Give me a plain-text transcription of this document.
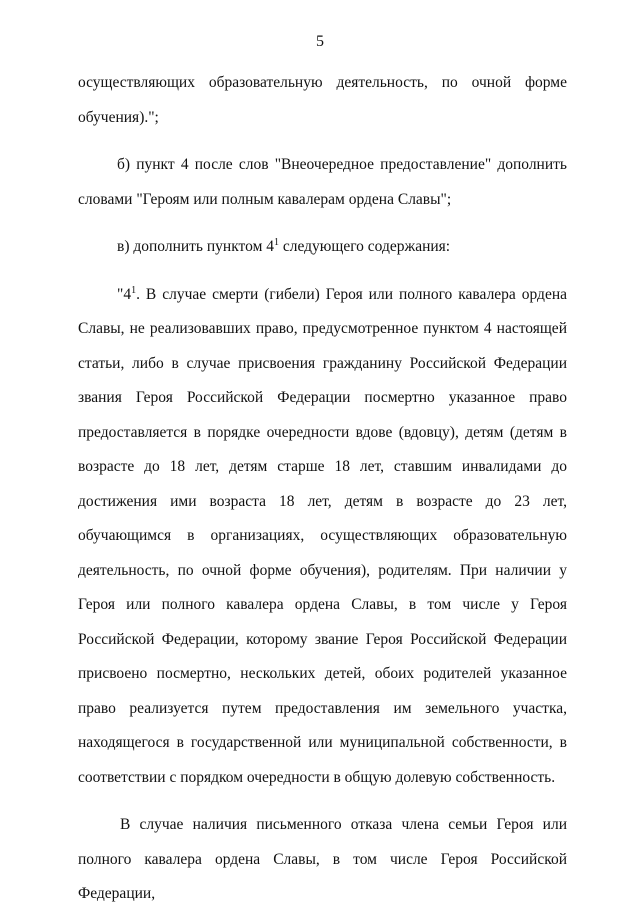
5

осуществляющих образовательную деятельность, по очной форме обучения).";

б) пункт 4 после слов "Внеочередное предоставление" дополнить словами "Героям или полным кавалерам ордена Славы";

в) дополнить пунктом $4^1$ следующего содержания:

"$4^1$. В случае смерти (гибели) Героя или полного кавалера ордена Славы, не реализовавших право, предусмотренное пунктом 4 настоящей статьи, либо в случае присвоения гражданину Российской Федерации звания Героя Российской Федерации посмертно указанное право предоставляется в порядке очередности вдове (вдовцу), детям (детям в возрасте до 18 лет, детям старше 18 лет, ставшим инвалидами до достижения ими возраста 18 лет, детям в возрасте до 23 лет, обучающимся в организациях, осуществляющих образовательную деятельность, по очной форме обучения), родителям. При наличии у Героя или полного кавалера ордена Славы, в том числе у Героя Российской Федерации, которому звание Героя Российской Федерации присвоено посмертно, нескольких детей, обоих родителей указанное право реализуется путем предоставления им земельного участка, находящегося в государственной или муниципальной собственности, в соответствии с порядком очередности в общую долевую собственность.

В случае наличия письменного отказа члена семьи Героя или полного кавалера ордена Славы, в том числе Героя Российской Федерации,
